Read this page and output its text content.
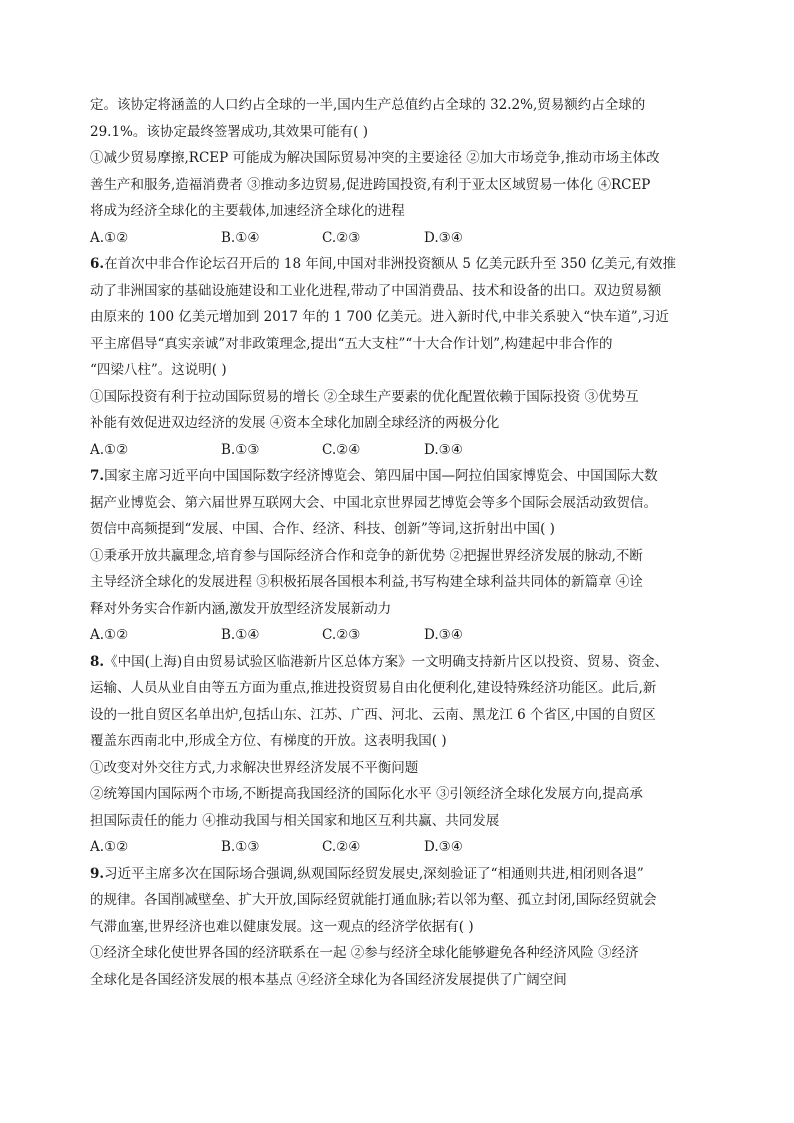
定。该协定将涵盖的人口约占全球的一半,国内生产总值约占全球的 32.2%,贸易额约占全球的
29.1%。该协定最终签署成功,其效果可能有( )
①减少贸易摩擦,RCEP 可能成为解决国际贸易冲突的主要途径 ②加大市场竞争,推动市场主体改
善生产和服务,造福消费者 ③推动多边贸易,促进跨国投资,有利于亚太区域贸易一体化 ④RCEP
将成为经济全球化的主要载体,加速经济全球化的进程
A.①②	B.①④	C.②③	D.③④
6.在首次中非合作论坛召开后的 18 年间,中国对非洲投资额从 5 亿美元跃升至 350 亿美元,有效推
动了非洲国家的基础设施建设和工业化进程,带动了中国消费品、技术和设备的出口。双边贸易额
由原来的 100 亿美元增加到 2017 年的 1 700 亿美元。进入新时代,中非关系驶入“快车道”,习近
平主席倡导“真实亲诚”对非政策理念,提出“五大支柱”“十大合作计划”,构建起中非合作的
“四梁八柱”。这说明( )
①国际投资有利于拉动国际贸易的增长 ②全球生产要素的优化配置依赖于国际投资 ③优势互
补能有效促进双边经济的发展 ④资本全球化加剧全球经济的两极分化
A.①②	B.①③	C.②④	D.③④
7.国家主席习近平向中国国际数字经济博览会、第四届中国—阿拉伯国家博览会、中国国际大数
据产业博览会、第六届世界互联网大会、中国北京世界园艺博览会等多个国际会展活动致贺信。
贺信中高频提到“发展、中国、合作、经济、科技、创新”等词,这折射出中国( )
①秉承开放共赢理念,培育参与国际经济合作和竞争的新优势 ②把握世界经济发展的脉动,不断
主导经济全球化的发展进程 ③积极拓展各国根本利益,书写构建全球利益共同体的新篇章 ④诠
释对外务实合作新内涵,激发开放型经济发展新动力
A.①②	B.①④	C.②③	D.③④
8.《中国(上海)自由贸易试验区临港新片区总体方案》一文明确支持新片区以投资、贸易、资金、
运输、人员从业自由等五方面为重点,推进投资贸易自由化便利化,建设特殊经济功能区。此后,新
设的一批自贸区名单出炉,包括山东、江苏、广西、河北、云南、黑龙江 6 个省区,中国的自贸区
覆盖东西南北中,形成全方位、有梯度的开放。这表明我国( )
①改变对外交往方式,力求解决世界经济发展不平衡问题
②统筹国内国际两个市场,不断提高我国经济的国际化水平 ③引领经济全球化发展方向,提高承
担国际责任的能力 ④推动我国与相关国家和地区互利共赢、共同发展
A.①②	B.①③	C.②④	D.③④
9.习近平主席多次在国际场合强调,纵观国际经贸发展史,深刻验证了“相通则共进,相闭则各退”
的规律。各国削减壁垒、扩大开放,国际经贸就能打通血脉;若以邻为壑、孤立封闭,国际经贸就会
气滞血塞,世界经济也难以健康发展。这一观点的经济学依据有( )
①经济全球化使世界各国的经济联系在一起 ②参与经济全球化能够避免各种经济风险 ③经济
全球化是各国经济发展的根本基点 ④经济全球化为各国经济发展提供了广阔空间
